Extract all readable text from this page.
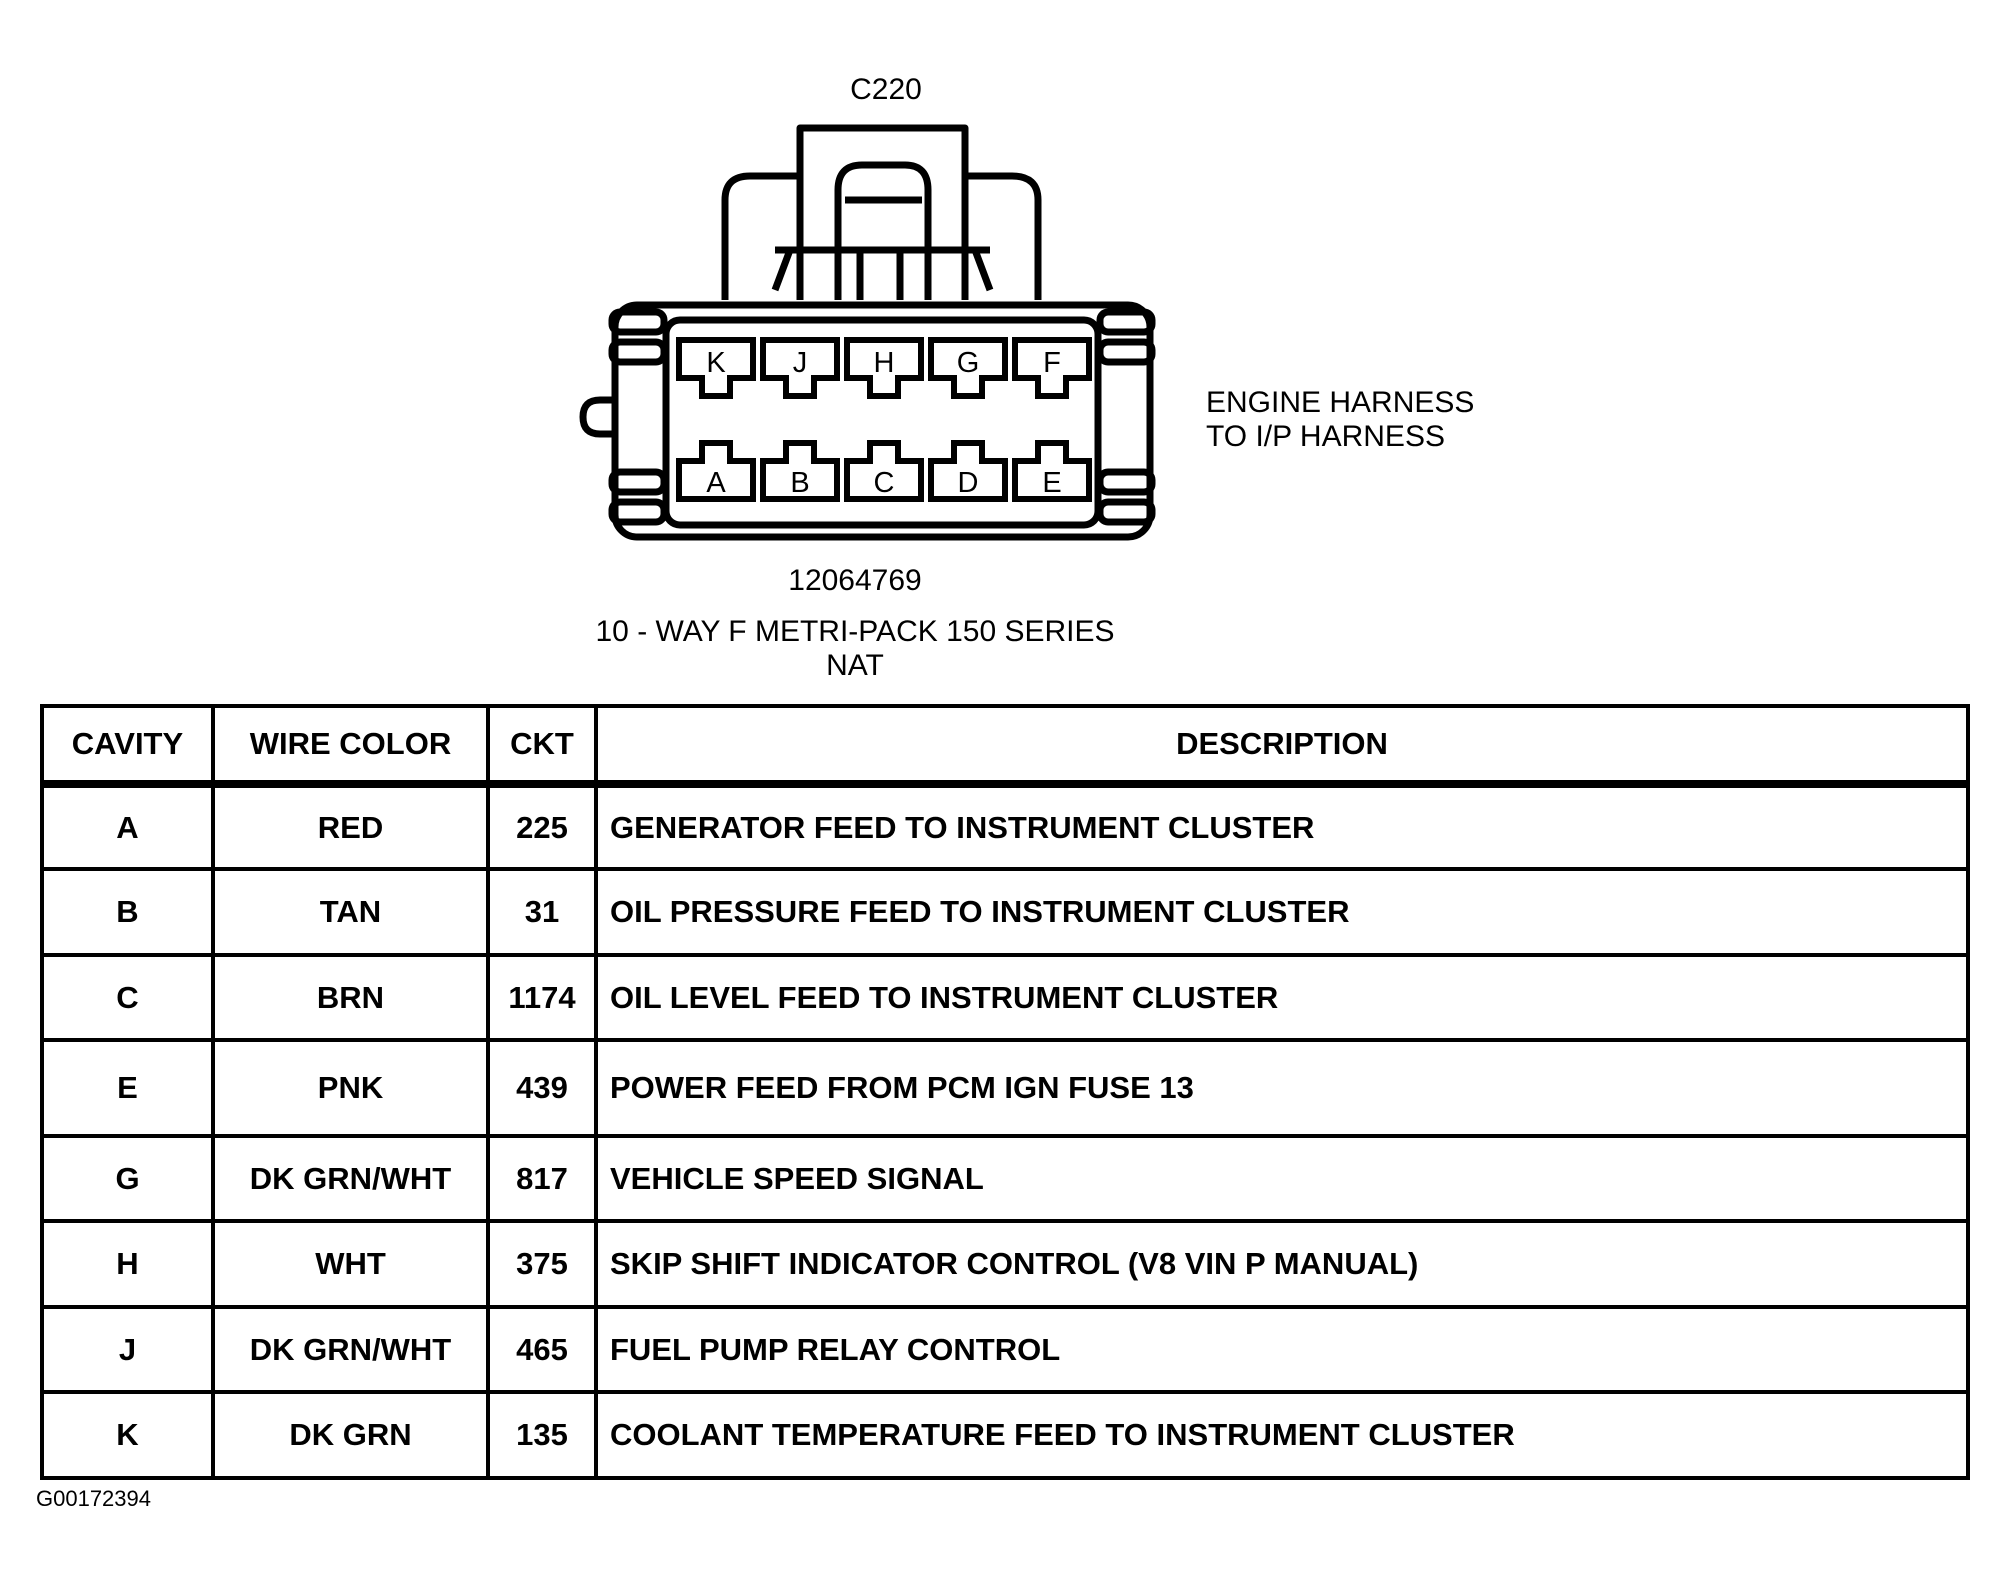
K J H G F
A B C D E
C220
ENGINE HARNESS
TO I/P HARNESS
12064769
10 - WAY F METRI-PACK 150 SERIES
NAT
CAVITY	WIRE COLOR	CKT	DESCRIPTION
A	RED	225	GENERATOR FEED TO INSTRUMENT CLUSTER
B	TAN	31	OIL PRESSURE FEED TO INSTRUMENT CLUSTER
C	BRN	1174	OIL LEVEL FEED TO INSTRUMENT CLUSTER
E	PNK	439	POWER FEED FROM PCM IGN FUSE 13
G	DK GRN/WHT	817	VEHICLE SPEED SIGNAL
H	WHT	375	SKIP SHIFT INDICATOR CONTROL (V8 VIN P MANUAL)
J	DK GRN/WHT	465	FUEL PUMP RELAY CONTROL
K	DK GRN	135	COOLANT TEMPERATURE FEED TO INSTRUMENT CLUSTER
G00172394
